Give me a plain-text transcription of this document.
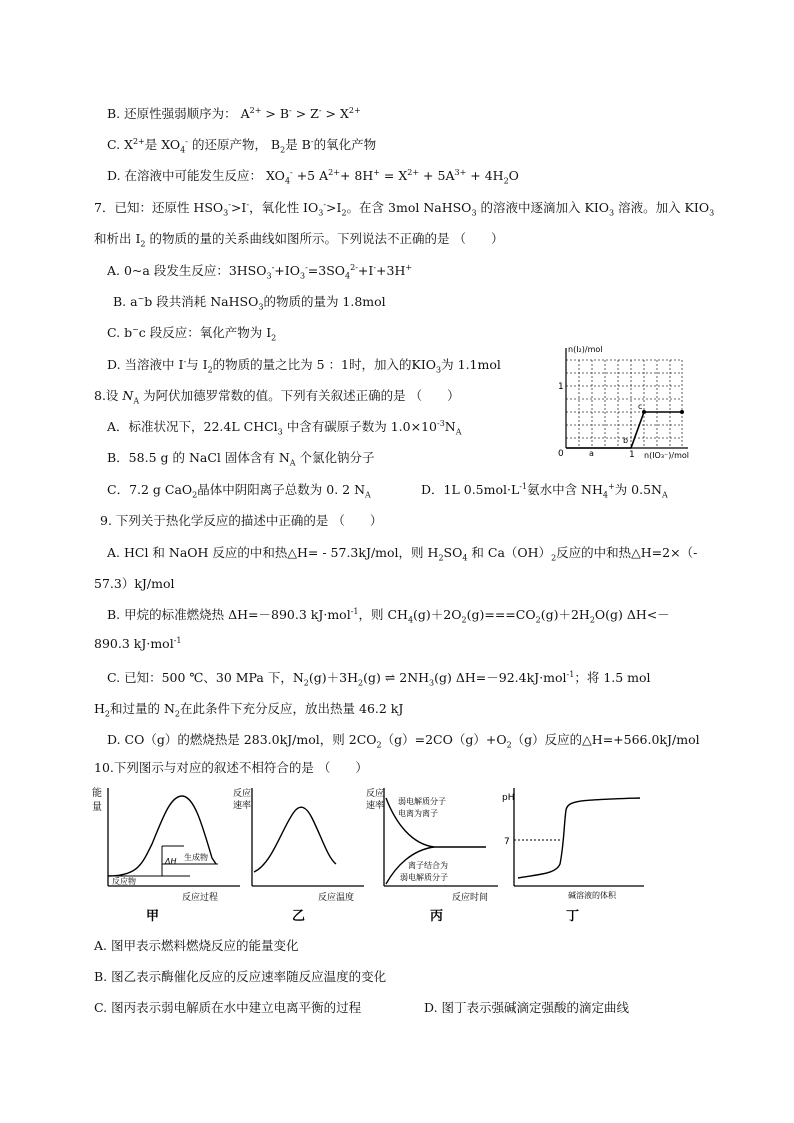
B. 还原性强弱顺序为： $A^{2+} > B^- > Z^- > X^{2+}$
C. $X^{2+}$是 $XO_4^-$ 的还原产物， $B_2$是 B-的氧化产物
D. 在溶液中可能发生反应： $XO_4^- +5$ $A^{2+}+ 8H^+ = X^{2+} + 5A^{3+} + 4H_2O$
7．已知：还原性 $HSO_3^->I^-$，氧化性 $IO_3^->I_2$。在含 3mol NaHSO$_3$ 的溶液中逐滴加入 $KIO_3$ 溶液。加入 $KIO_3$
和析出 $I_2$ 的物质的量的关系曲线如图所示。下列说法不正确的是 （　　）
A. 0~a 段发生反应：$3HSO_3^-+IO_3^-=3SO_4^{2-}+I^-+3H^+$
B. a~b 段共消耗 NaHSO$_3$的物质的量为 1.8mol
C. b~c 段反应：氧化产物为 $I_2$
D. 当溶液中 I-与 $I_2$的物质的量之比为 5 ：1时，加入的$KIO_3$为 1.1mol
n(I₂)/mol
1
0	a
b
c
1 n(IO₃⁻)/mol
8.设 $N_A$ 为阿伏加德罗常数的值。下列有关叙述正确的是 （　　）
A．标准状况下，22.4L CHCl$_3$ 中含有碳原子数为 $1.0\times 10^{-3}N_A$
B．58.5 g 的 NaCl 固体含有 $N_A$ 个氯化钠分子
C．7.2 g CaO$_2$晶体中阴阳离子总数为 0. 2 $N_A$	D．1L $0.5mol\cdot L^{-1}$氨水中含 $NH_4^+$为 $0.5N_A$
9. 下列关于热化学反应的描述中正确的是 （　　）
A. HCl 和 NaOH 反应的中和热△H= - 57.3kJ/mol，则 $H_2SO_4$ 和 $Ca(OH)_2$反应的中和热△H=2×（-
57.3）kJ/mol
B. 甲烷的标准燃烧热 ΔH=－890.3 kJ·mol$^{-1}$，则 $CH_4(g)+2O_2(g)===CO_2(g)+2H_2O(g)$ ΔH<－
890.3 kJ·mol$^{-1}$
C. 已知：500 ℃、30 MPa 下，$N_2(g)+3H_2(g)$ ⇌ $2NH_3(g)$ ΔH=－92.4kJ·mol$^{-1}$；将 1.5 mol
$H_2$和过量的 $N_2$在此条件下充分反应，放出热量 46.2 kJ
D. CO（g）的燃烧热是 283.0kJ/mol，则 $2CO_2(g)=2CO(g)+O_2(g)$反应的△H=+566.0kJ/mol
10.下列图示与对应的叙述不相符合的是 （　　）
能
量
反应物
生成物
ΔH
反应过程
甲
反应
速率
反应温度
乙
反应
速率 弱电解质分子
电离为离子
离子结合为
弱电解质分子
反应时间
丙
pH
7
碱溶液的体积
丁
A. 图甲表示燃料燃烧反应的能量变化
B. 图乙表示酶催化反应的反应速率随反应温度的变化
C. 图丙表示弱电解质在水中建立电离平衡的过程	D. 图丁表示强碱滴定强酸的滴定曲线
